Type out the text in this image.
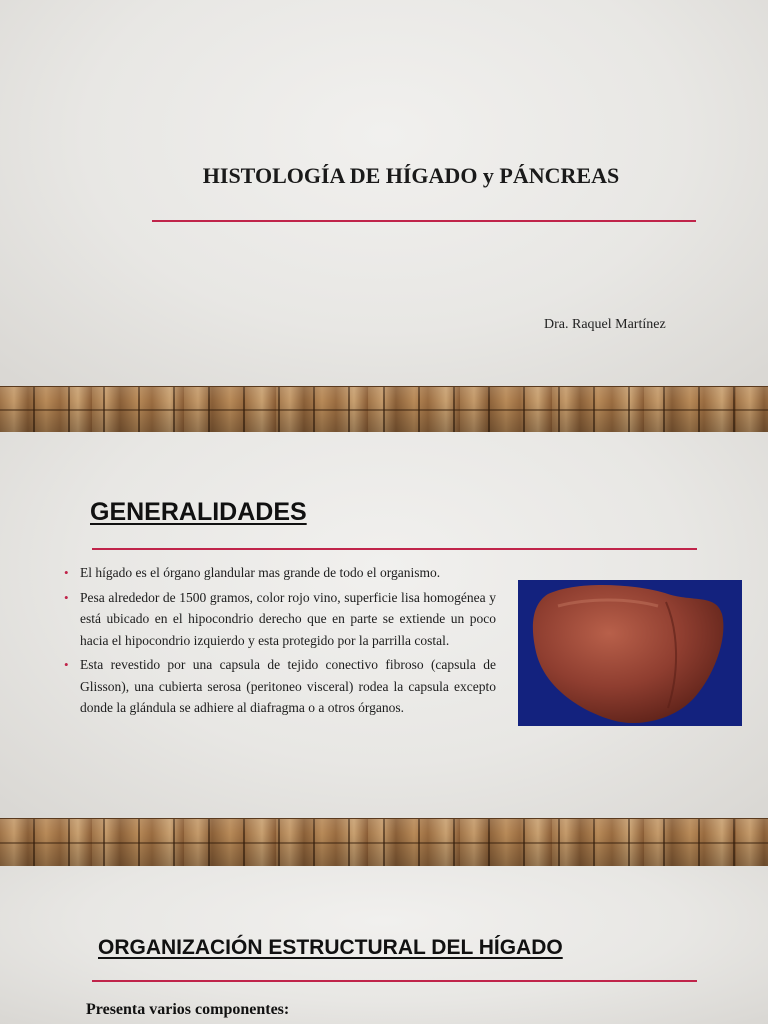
HISTOLOGÍA DE HÍGADO y PÁNCREAS
Dra. Raquel Martínez
GENERALIDADES
• El hígado es el órgano glandular mas grande de todo el organismo.
• Pesa alrededor de 1500 gramos, color rojo vino, superficie lisa homogénea y está ubicado en el hipocondrio derecho que en parte se extiende un poco hacia el hipocondrio izquierdo y esta protegido por la parrilla costal.
• Esta revestido por una capsula de tejido conectivo fibroso (capsula de Glisson), una cubierta serosa (peritoneo visceral) rodea la capsula excepto donde la glándula se adhiere al diafragma o a otros órganos.
ORGANIZACIÓN ESTRUCTURAL DEL HÍGADO
Presenta varios componentes:
